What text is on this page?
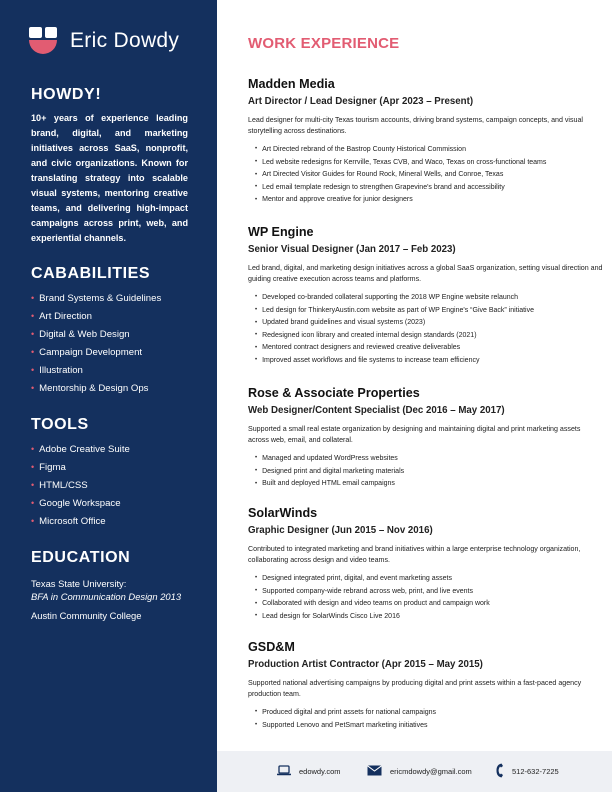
Eric Dowdy
HOWDY!
10+ years of experience leading brand, digital, and marketing initiatives across SaaS, nonprofit, and civic organizations. Known for translating strategy into scalable visual systems, mentoring creative teams, and delivering high-impact campaigns across print, web, and experiential channels.
CABABILITIES
• Brand Systems & Guidelines
• Art Direction
• Digital & Web Design
• Campaign Development
• Illustration
• Mentorship & Design Ops
TOOLS
• Adobe Creative Suite
• Figma
• HTML/CSS
• Google Workspace
• Microsoft Office
EDUCATION
Texas State University:
BFA in Communication Design 2013
Austin Community College
WORK EXPERIENCE
Madden Media
Art Director / Lead Designer (Apr 2023 – Present)
Lead designer for multi-city Texas tourism accounts, driving brand systems, campaign concepts, and visual storytelling across destinations.
• Art Directed rebrand of the Bastrop County Historical Commission
• Led website redesigns for Kerrville, Texas CVB, and Waco, Texas on cross-functional teams
• Art Directed Visitor Guides for Round Rock, Mineral Wells, and Conroe, Texas
• Led email template redesign to strengthen Grapevine's brand and accessibility
• Mentor and approve creative for junior designers
WP Engine
Senior Visual Designer (Jan 2017 – Feb 2023)
Led brand, digital, and marketing design initiatives across a global SaaS organization, setting visual direction and guiding creative execution across teams and platforms.
• Developed co-branded collateral supporting the 2018 WP Engine website relaunch
• Led design for ThinkeryAustin.com website as part of WP Engine's “Give Back” initiative
• Updated brand guidelines and visual systems (2023)
• Redesigned icon library and created internal design standards (2021)
• Mentored contract designers and reviewed creative deliverables
• Improved asset workflows and file systems to increase team efficiency
Rose & Associate Properties
Web Designer/Content Specialist (Dec 2016 – May 2017)
Supported a small real estate organization by designing and maintaining digital and print marketing assets across web, email, and collateral.
• Managed and updated WordPress websites
• Designed print and digital marketing materials
• Built and deployed HTML email campaigns
SolarWinds
Graphic Designer (Jun 2015 – Nov 2016)
Contributed to integrated marketing and brand initiatives within a large enterprise technology organization, collaborating across design and video teams.
• Designed integrated print, digital, and event marketing assets
• Supported company-wide rebrand across web, print, and live events
• Collaborated with design and video teams on product and campaign work
• Lead design for SolarWinds Cisco Live 2016
GSD&M
Production Artist Contractor (Apr 2015 – May 2015)
Supported national advertising campaigns by producing digital and print assets within a fast-paced agency production team.
• Produced digital and print assets for national campaigns
• Supported Lenovo and PetSmart marketing initiatives
edowdy.com	ericmdowdy@gmail.com	512-632-7225
